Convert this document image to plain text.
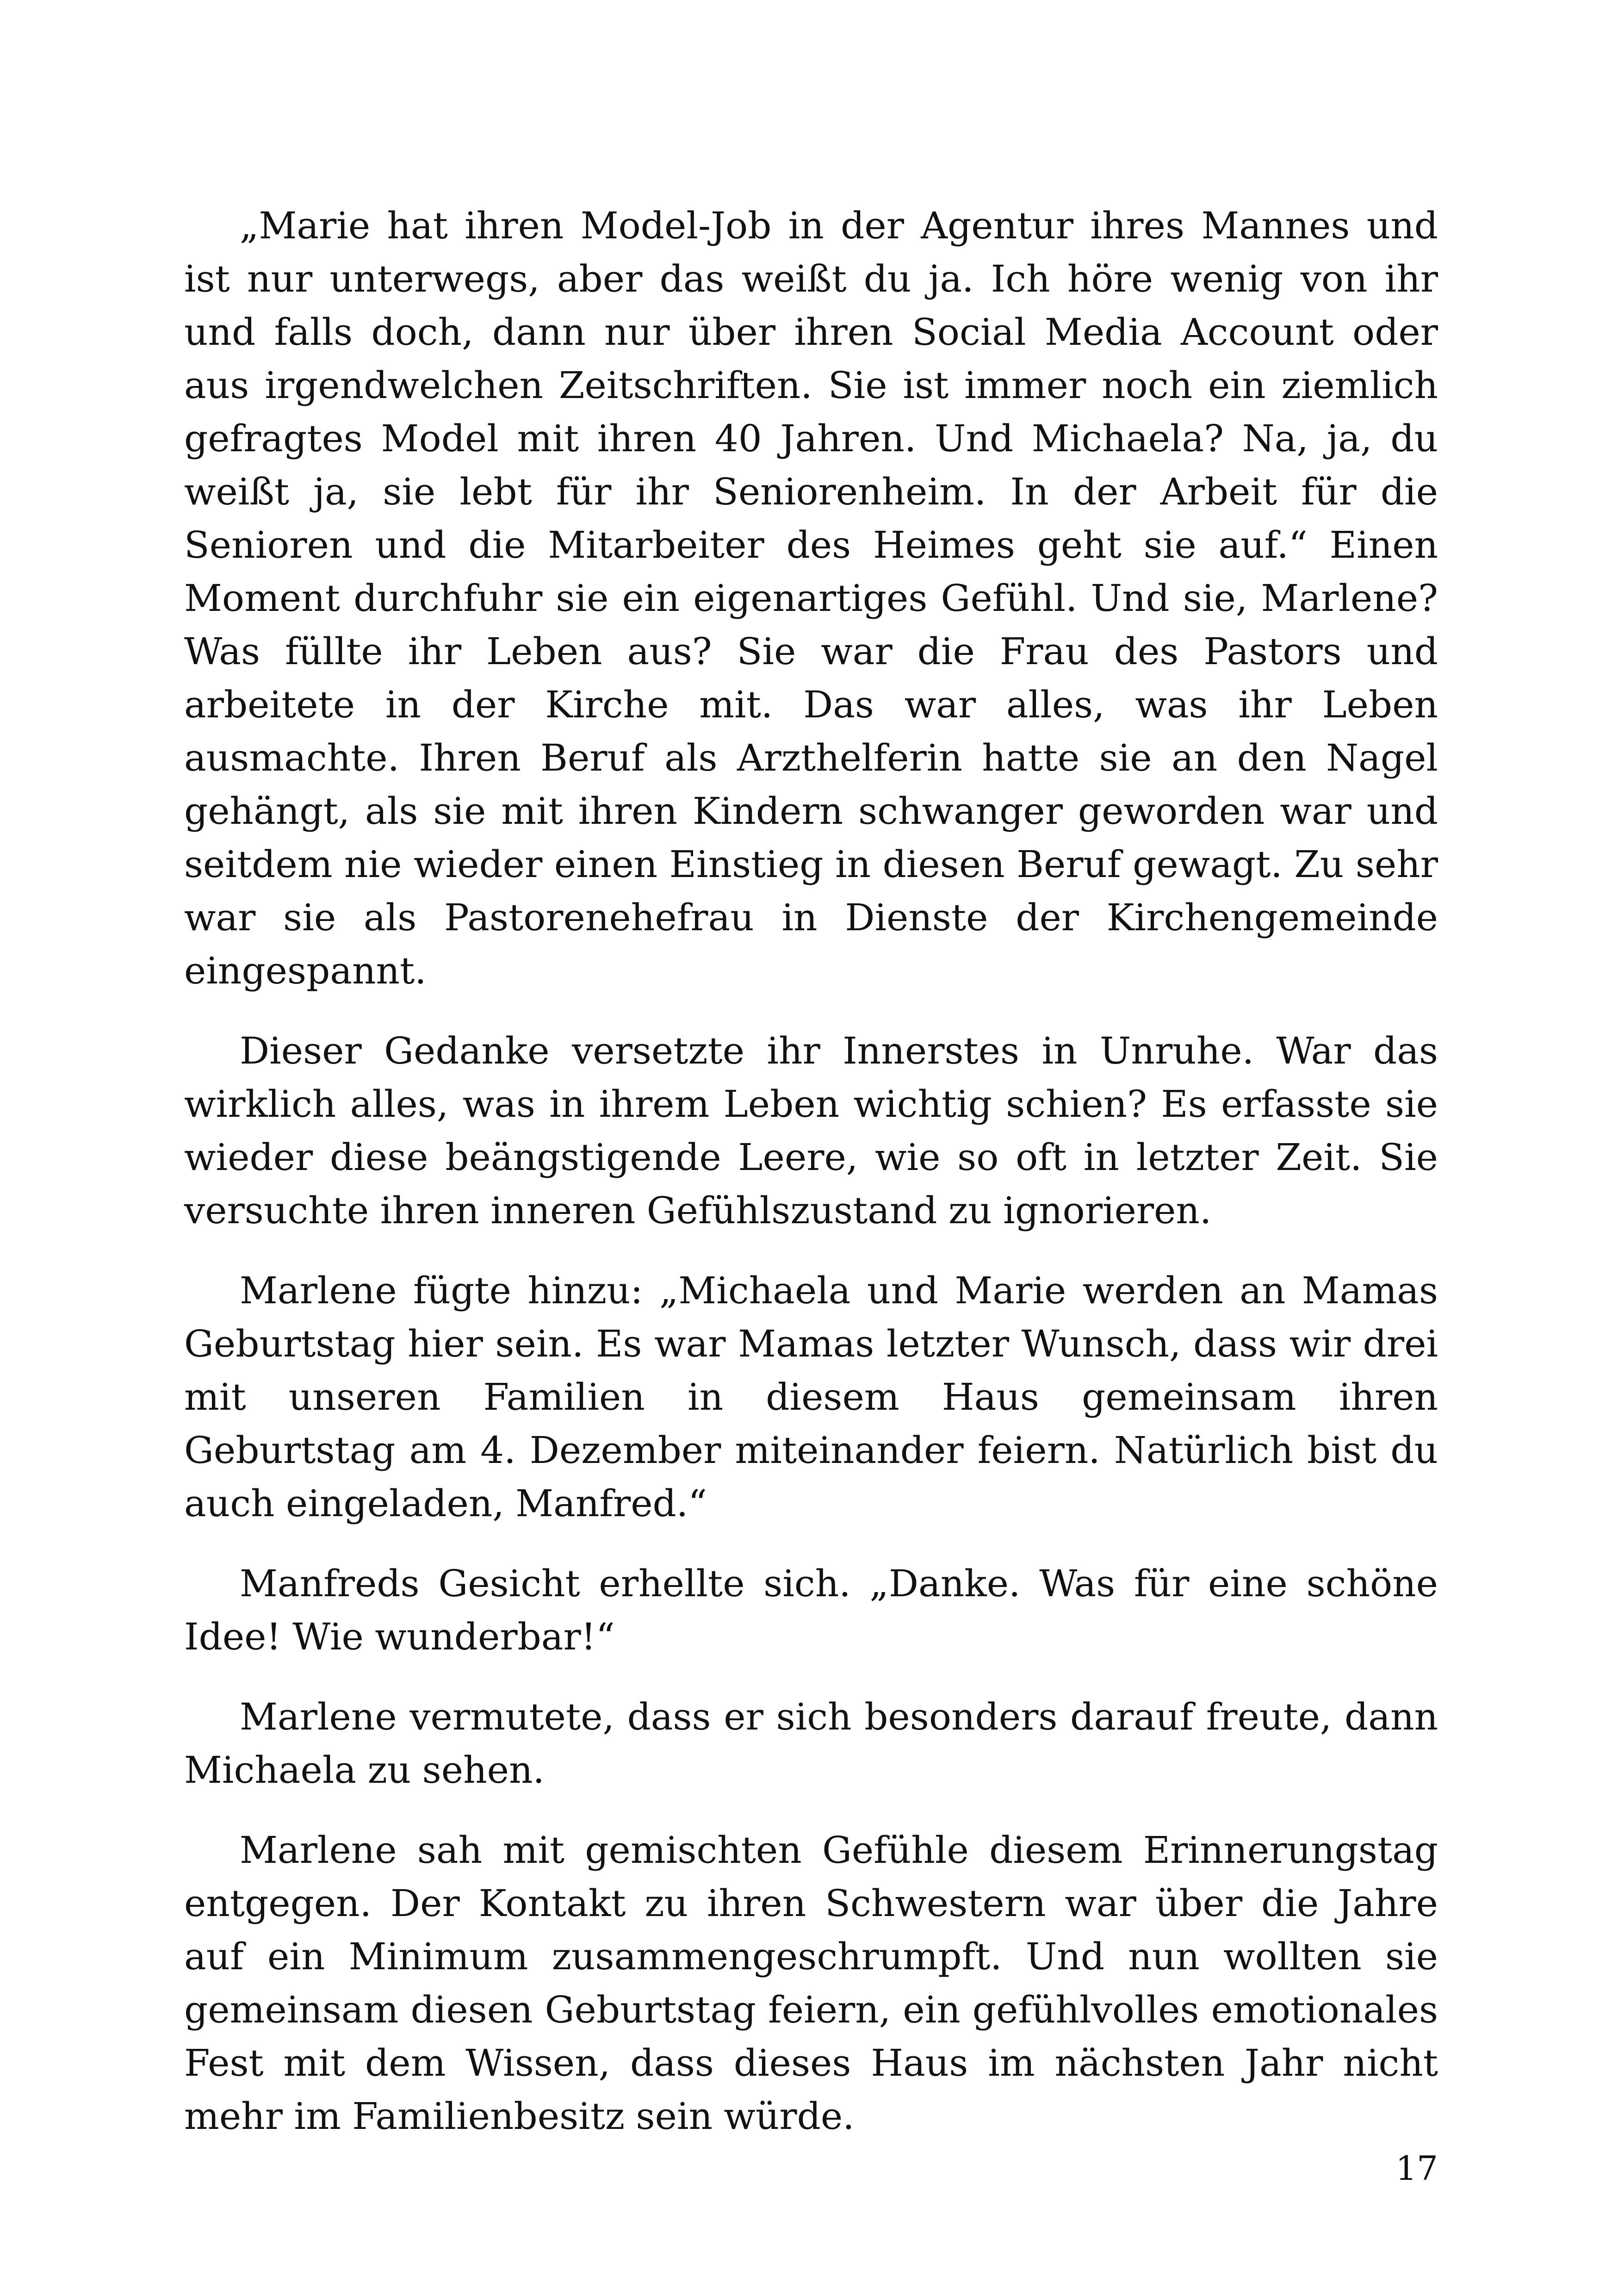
„Marie hat ihren Model-Job in der Agentur ihres Mannes und ist nur unterwegs, aber das weißt du ja. Ich höre wenig von ihr und falls doch, dann nur über ihren Social Media Account oder aus irgendwelchen Zeitschriften. Sie ist immer noch ein ziemlich gefragtes Model mit ihren 40 Jahren. Und Michaela? Na, ja, du weißt ja, sie lebt für ihr Seniorenheim. In der Arbeit für die Senioren und die Mitarbeiter des Heimes geht sie auf.“ Einen Moment durchfuhr sie ein eigenartiges Gefühl. Und sie, Marlene? Was füllte ihr Leben aus? Sie war die Frau des Pastors und arbeitete in der Kirche mit. Das war alles, was ihr Leben ausmachte. Ihren Beruf als Arzthelferin hatte sie an den Nagel gehängt, als sie mit ihren Kindern schwanger geworden war und seitdem nie wieder einen Einstieg in diesen Beruf gewagt. Zu sehr war sie als Pastorenehefrau in Dienste der Kirchengemeinde eingespannt.

Dieser Gedanke versetzte ihr Innerstes in Unruhe. War das wirklich alles, was in ihrem Leben wichtig schien? Es erfasste sie wieder diese beängstigende Leere, wie so oft in letzter Zeit. Sie versuchte ihren inneren Gefühlszustand zu ignorieren.

Marlene fügte hinzu: „Michaela und Marie werden an Mamas Geburtstag hier sein. Es war Mamas letzter Wunsch, dass wir drei mit unseren Familien in diesem Haus gemeinsam ihren Geburtstag am 4. Dezember miteinander feiern. Natürlich bist du auch eingeladen, Manfred.“

Manfreds Gesicht erhellte sich. „Danke. Was für eine schöne Idee! Wie wunderbar!“

Marlene vermutete, dass er sich besonders darauf freute, dann Michaela zu sehen.

Marlene sah mit gemischten Gefühle diesem Erinnerungstag entgegen. Der Kontakt zu ihren Schwestern war über die Jahre auf ein Minimum zusammengeschrumpft. Und nun wollten sie gemeinsam diesen Geburtstag feiern, ein gefühlvolles emotionales Fest mit dem Wissen, dass dieses Haus im nächsten Jahr nicht mehr im Familienbesitz sein würde.

17
